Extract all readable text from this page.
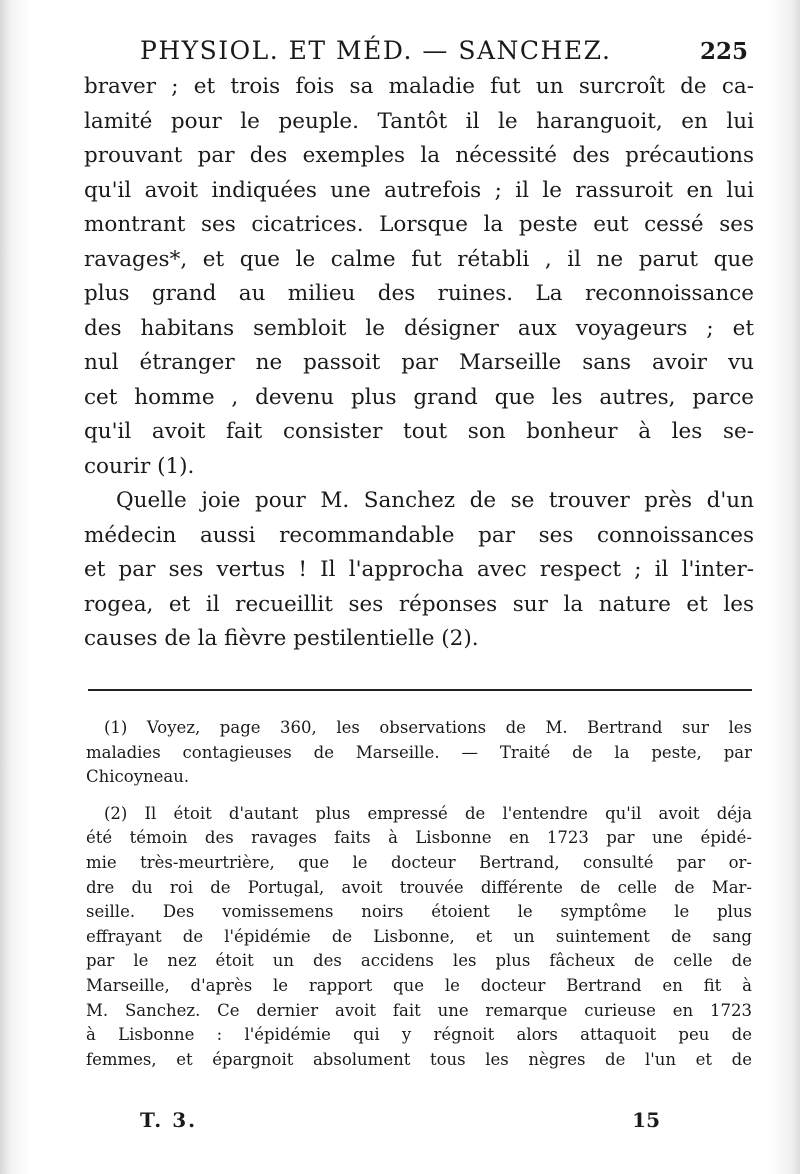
PHYSIOL. ET MÉD. — SANCHEZ.	225
braver ; et trois fois sa maladie fut un surcroît de ca-
lamité pour le peuple. Tantôt il le haranguoit, en lui
prouvant par des exemples la nécessité des précautions
qu'il avoit indiquées une autrefois ; il le rassuroit en lui
montrant ses cicatrices. Lorsque la peste eut cessé ses
ravages*, et que le calme fut rétabli , il ne parut que
plus grand au milieu des ruines. La reconnoissance
des habitans sembloit le désigner aux voyageurs ; et
nul étranger ne passoit par Marseille sans avoir vu
cet homme , devenu plus grand que les autres, parce
qu'il avoit fait consister tout son bonheur à les se-
courir (1).
Quelle joie pour M. Sanchez de se trouver près d'un
médecin aussi recommandable par ses connoissances
et par ses vertus ! Il l'approcha avec respect ; il l'inter-
rogea, et il recueillit ses réponses sur la nature et les
causes de la fièvre pestilentielle (2).
(1) Voyez, page 360, les observations de M. Bertrand sur les
maladies contagieuses de Marseille. — Traité de la peste, par
Chicoyneau.
(2) Il étoit d'autant plus empressé de l'entendre qu'il avoit déja
été témoin des ravages faits à Lisbonne en 1723 par une épidé-
mie très-meurtrière, que le docteur Bertrand, consulté par or-
dre du roi de Portugal, avoit trouvée différente de celle de Mar-
seille. Des vomissemens noirs étoient le symptôme le plus
effrayant de l'épidémie de Lisbonne, et un suintement de sang
par le nez étoit un des accidens les plus fâcheux de celle de
Marseille, d'après le rapport que le docteur Bertrand en fit à
M. Sanchez. Ce dernier avoit fait une remarque curieuse en 1723
à Lisbonne : l'épidémie qui y régnoit alors attaquoit peu de
femmes, et épargnoit absolument tous les nègres de l'un et de
T. 3.	15
